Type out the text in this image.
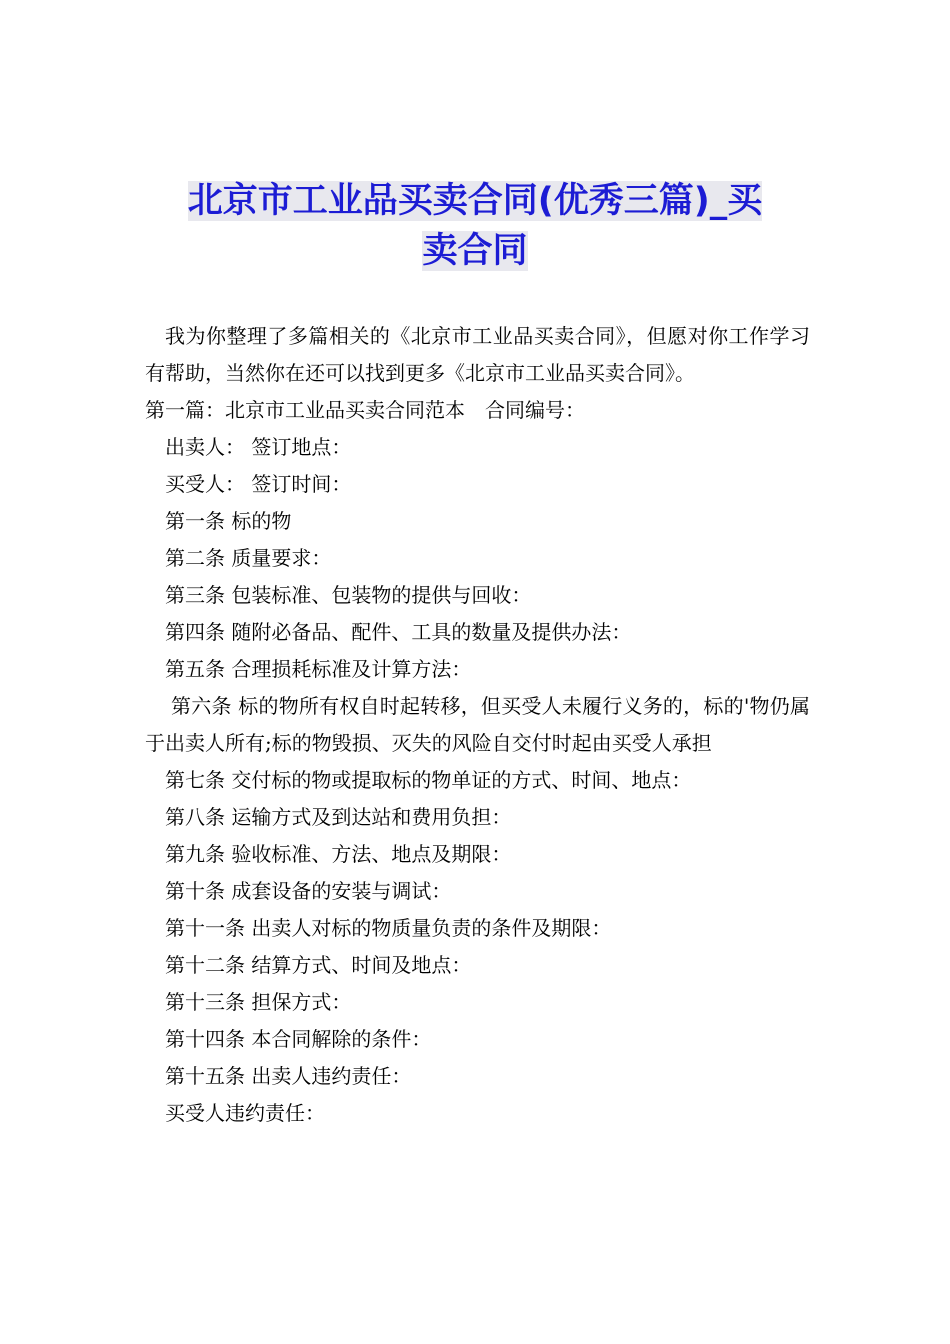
北京市工业品买卖合同(优秀三篇)_买
卖合同

我为你整理了多篇相关的《北京市工业品买卖合同》，但愿对你工作学习有帮助，当然你在还可以找到更多《北京市工业品买卖合同》。

第一篇：北京市工业品买卖合同范本　合同编号：

出卖人： 签订地点：

买受人： 签订时间：

第一条 标的物

第二条 质量要求：

第三条 包装标准、包装物的提供与回收：

第四条 随附必备品、配件、工具的数量及提供办法：

第五条 合理损耗标准及计算方法：

第六条 标的物所有权自时起转移，但买受人未履行义务的，标的'物仍属于出卖人所有;标的物毁损、灭失的风险自交付时起由买受人承担

第七条 交付标的物或提取标的物单证的方式、时间、地点：

第八条 运输方式及到达站和费用负担：

第九条 验收标准、方法、地点及期限：

第十条 成套设备的安装与调试：

第十一条 出卖人对标的物质量负责的条件及期限：

第十二条 结算方式、时间及地点：

第十三条 担保方式：

第十四条 本合同解除的条件：

第十五条 出卖人违约责任：

买受人违约责任：
